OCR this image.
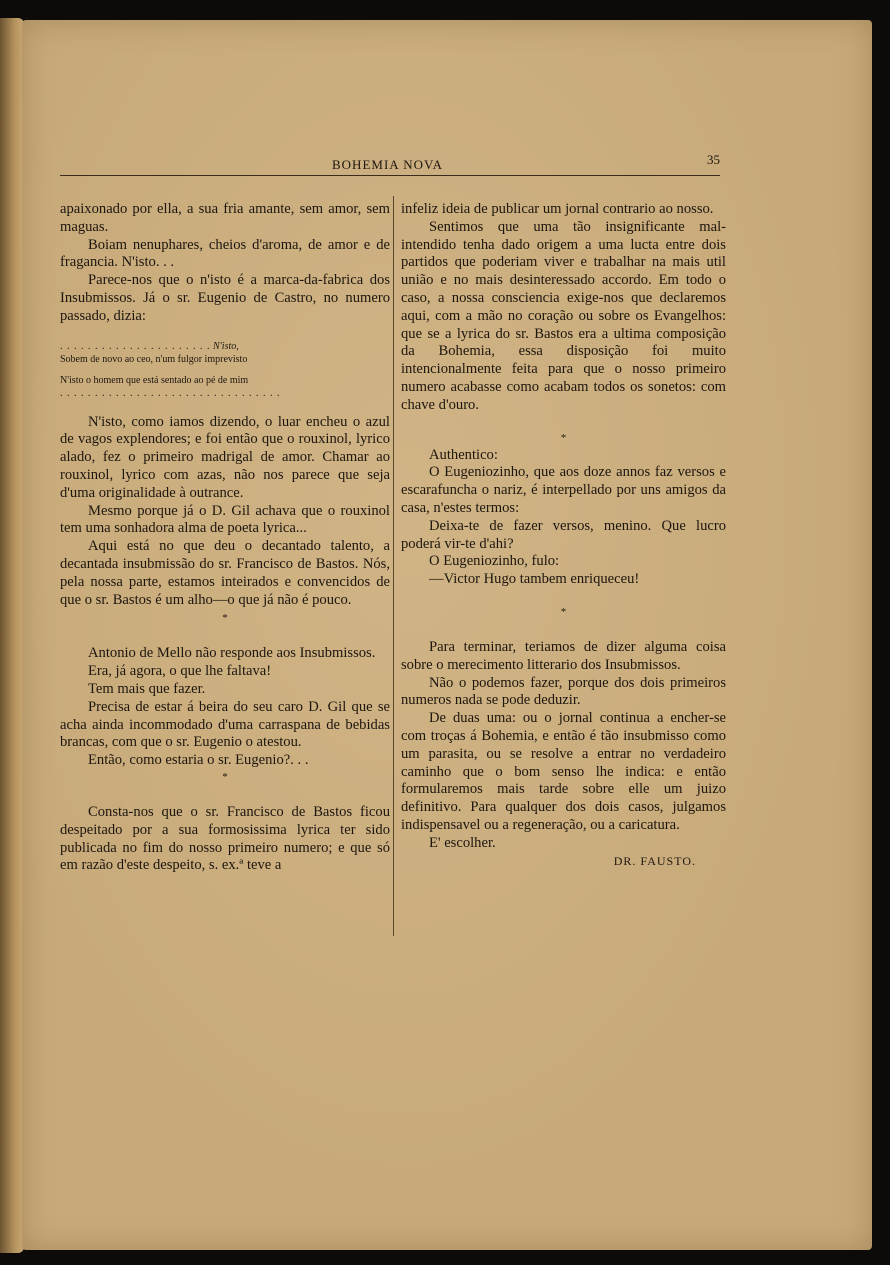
BOHEMIA NOVA	35

apaixonado por ella, a sua fria amante, sem amor, sem maguas.

Boiam nenuphares, cheios d'aroma, de amor e de fragancia. N'isto. . .

Parece-nos que o n'isto é a marca-da-fabrica dos Insubmissos. Já o sr. Eugenio de Castro, no numero passado, dizia:

. . . . . . . . . . . . . . . . . . . . . . N'isto,
Sobem de novo ao ceo, n'um fulgor imprevisto
N'isto o homem que está sentado ao pé de mim
. . . . . . . . . . . . . . . . . . . . . . . . . . . . . . . .

N'isto, como iamos dizendo, o luar encheu o azul de vagos explendores; e foi então que o rouxinol, lyrico alado, fez o primeiro madrigal de amor. Chamar ao rouxinol, lyrico com azas, não nos parece que seja d'uma originalidade à outrance.

Mesmo porque já o D. Gil achava que o rouxinol tem uma sonhadora alma de poeta lyrica...

Aqui está no que deu o decantado talento, a decantada insubmissão do sr. Francisco de Bastos. Nós, pela nossa parte, estamos inteirados e convencidos de que o sr. Bastos é um alho—o que já não é pouco.

*

Antonio de Mello não responde aos Insubmissos.

Era, já agora, o que lhe faltava!

Tem mais que fazer.

Precisa de estar á beira do seu caro D. Gil que se acha ainda incommodado d'uma carraspana de bebidas brancas, com que o sr. Eugenio o atestou.

Então, como estaria o sr. Eugenio?. . .

*

Consta-nos que o sr. Francisco de Bastos ficou despeitado por a sua formosissima lyrica ter sido publicada no fim do nosso primeiro numero; e que só em razão d'este despeito, s. ex.ª teve a

infeliz ideia de publicar um jornal contrario ao nosso.

Sentimos que uma tão insignificante mal-intendido tenha dado origem a uma lucta entre dois partidos que poderiam viver e trabalhar na mais util união e no mais desinteressado accordo. Em todo o caso, a nossa consciencia exige-nos que declaremos aqui, com a mão no coração ou sobre os Evangelhos: que se a lyrica do sr. Bastos era a ultima composição da Bohemia, essa disposição foi muito intencionalmente feita para que o nosso primeiro numero acabasse como acabam todos os sonetos: com chave d'ouro.

*

Authentico:

O Eugeniozinho, que aos doze annos faz versos e escarafuncha o nariz, é interpellado por uns amigos da casa, n'estes termos:

Deixa-te de fazer versos, menino. Que lucro poderá vir-te d'ahi?

O Eugeniozinho, fulo:

—Victor Hugo tambem enriqueceu!

*

Para terminar, teriamos de dizer alguma coisa sobre o merecimento litterario dos Insubmissos.

Não o podemos fazer, porque dos dois primeiros numeros nada se pode deduzir.

De duas uma: ou o jornal continua a encher-se com troças á Bohemia, e então é tão insubmisso como um parasita, ou se resolve a entrar no verdadeiro caminho que o bom senso lhe indica: e então formularemos mais tarde sobre elle um juizo definitivo. Para qualquer dos dois casos, julgamos indispensavel ou a regeneração, ou a caricatura.

E' escolher.

DR. FAUSTO.
